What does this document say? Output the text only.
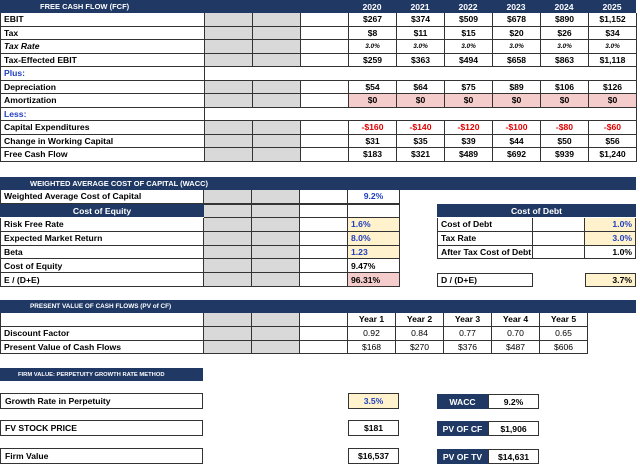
FREE CASH FLOW (FCF)	2020	2021	2022	2023	2024	2025
EBIT	$267	$374	$509	$678	$890	$1,152
Tax	$8	$11	$15	$20	$26	$34
Tax Rate	3.0%	3.0%	3.0%	3.0%	3.0%	3.0%
Tax-Effected EBIT	$259	$363	$494	$658	$863	$1,118
Plus:
Depreciation	$54	$64	$75	$89	$106	$126
Amortization	$0	$0	$0	$0	$0	$0
Less:
Capital Expenditures	-$160	-$140	-$120	-$100	-$80	-$60
Change in Working Capital	$31	$35	$39	$44	$50	$56
Free Cash Flow	$183	$321	$489	$692	$939	$1,240
WEIGHTED AVERAGE COST OF CAPITAL (WACC)
Weighted Average Cost of Capital	9.2%
Cost of Equity
Risk Free Rate	1.6%
Expected Market Return	8.0%
Beta	1.23
Cost of Equity	9.47%
E / (D+E)	96.31%
Cost of Debt
Cost of Debt	1.0%
Tax Rate	3.0%
After Tax Cost of Debt	1.0%
D / (D+E)	3.7%
PRESENT VALUE OF CASH FLOWS (PV of CF)
Year 1	Year 2	Year 3	Year 4	Year 5
Discount Factor	0.92	0.84	0.77	0.70	0.65
Present Value of Cash Flows	$168	$270	$376	$487	$606
FIRM VALUE: PERPETUITY GROWTH RATE METHOD
Growth Rate in Perpetuity	3.5%
FV STOCK PRICE	$181
Firm Value	$16,537
WACC	9.2%
PV OF CF	$1,906
PV OF TV	$14,631
